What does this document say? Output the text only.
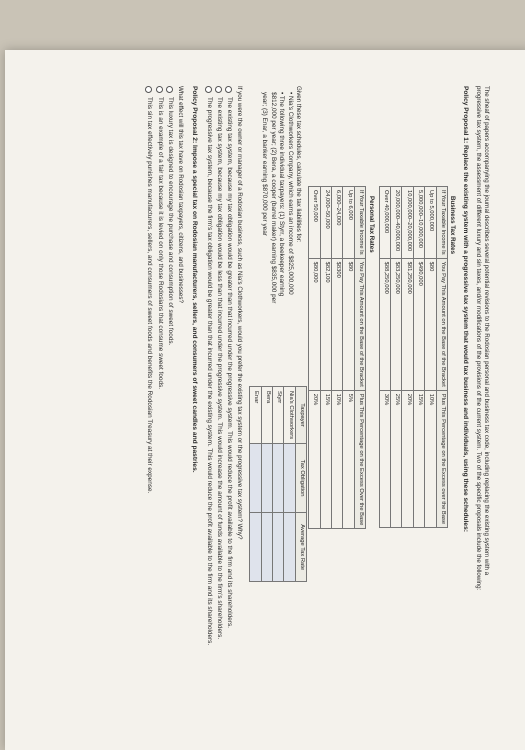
The sheaf of papers accompanying the journal describes several potential revisions to the Rodosian personal and business tax code, including replacing the existing system with a progressive tax system, the assessment of different luxury and sin taxes, and/or modifications of the provisions of the current system. Two of the specific proposals include the following:
Policy Proposal 1: Replace the existing system with a progressive tax system that would tax business and individuals, using these schedules:
Business Tax Rates
If Your Taxable Income Is	You Pay This Amount on the Base of the Bracket	Plus This Percentage on the Excess over the Base
Up to 5,000,000	$80	10%
5,000,000–10,000,000	$490,000	15%
10,000,000–20,000,000	$81,250,000	20%
20,000,000–40,000,000	$83,250,000	25%
Over 40,000,000	$88,250,000	30%
Personal Tax Rates
If Your Taxable Income Is	You Pay This Amount on the Base of the Bracket	Plus This Percentage on the Excess Over the Base
Up to 6,000	$80	5%
6,000–24,000	$8300	10%
24,000–50,000	$82,100	15%
Over 50,000	$80,000	20%
Given these tax schedules, calculate the tax liabilities for:
• Nia's Clothworkers Company, which earns an income of $825,000,000
• The following three individual taxpayers: (1) Styrr, a beekeeper earning $812,000 per year; (2) Bera, a cooper (barrel maker) earning $835,000 per year; (3) Enar, a banker earning $870,000 per year
Taxpayer	Tax Obligation	Average Tax Rate
Nia's Clothworkers		
Styrr		
Bera		
Enar		
If you were the owner or manager of a Rodosian business, such as Nia's Clothworkers, would you prefer the existing tax system or the progressive tax system? Why?
The existing tax system, because my tax obligation would be greater than that incurred under the progressive system. This would reduce the profit available to the firm and its shareholders.
The existing tax system, because my tax obligation would be less than that incurred under the progressive system. This would increase the amount of funds available to the firm's shareholders.
The progressive tax system, because the firm's tax obligation would be greater than that incurred under the existing system. This would reduce the profit available to the firm and its shareholders.
Policy Proposal 2: Impose a special tax on Rodosian manufacturers, sellers, and consumers of sweet candles and pastries.
What effect will this tax have on Rodosian taxpayers, citizens, and businesses?
This luxury tax is designed to encourage the purchase and consumption of sweet foods.
This is an example of a fair tax because it is levied on only those Rodosians that consume sweet foods.
This sin tax effectively punishes manufacturers, sellers, and consumers of sweet foods and benefits the Rodosian Treasury at their expense.
